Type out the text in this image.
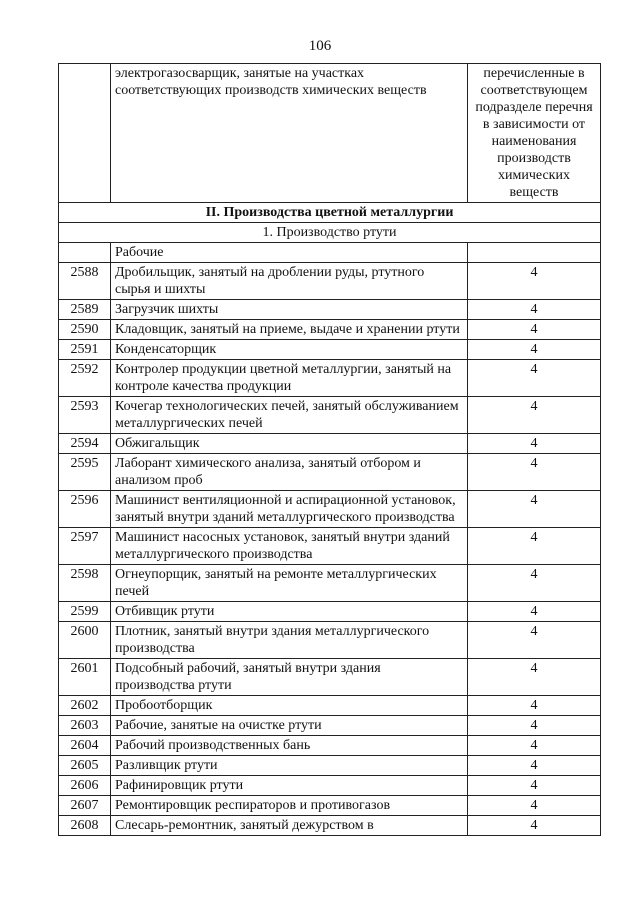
106
	электрогазосварщик, занятые на участках соответствующих производств химических веществ	перечисленные в соответствующем подразделе перечня в зависимости от наименования производств химических веществ
II. Производства цветной металлургии		
1. Производство ртути		
	Рабочие	
2588	Дробильщик, занятый на дроблении руды, ртутного сырья и шихты	4
2589	Загрузчик шихты	4
2590	Кладовщик, занятый на приеме, выдаче и хранении ртути	4
2591	Конденсаторщик	4
2592	Контролер продукции цветной металлургии, занятый на контроле качества продукции	4
2593	Кочегар технологических печей, занятый обслуживанием металлургических печей	4
2594	Обжигальщик	4
2595	Лаборант химического анализа, занятый отбором и анализом проб	4
2596	Машинист вентиляционной и аспирационной установок, занятый внутри зданий металлургического производства	4
2597	Машинист насосных установок, занятый внутри зданий металлургического производства	4
2598	Огнеупорщик, занятый на ремонте металлургических печей	4
2599	Отбивщик ртути	4
2600	Плотник, занятый внутри здания металлургического производства	4
2601	Подсобный рабочий, занятый внутри здания производства ртути	4
2602	Пробоотборщик	4
2603	Рабочие, занятые на очистке ртути	4
2604	Рабочий производственных бань	4
2605	Разливщик ртути	4
2606	Рафинировщик ртути	4
2607	Ремонтировщик респираторов и противогазов	4
2608	Слесарь-ремонтник, занятый дежурством в	4
